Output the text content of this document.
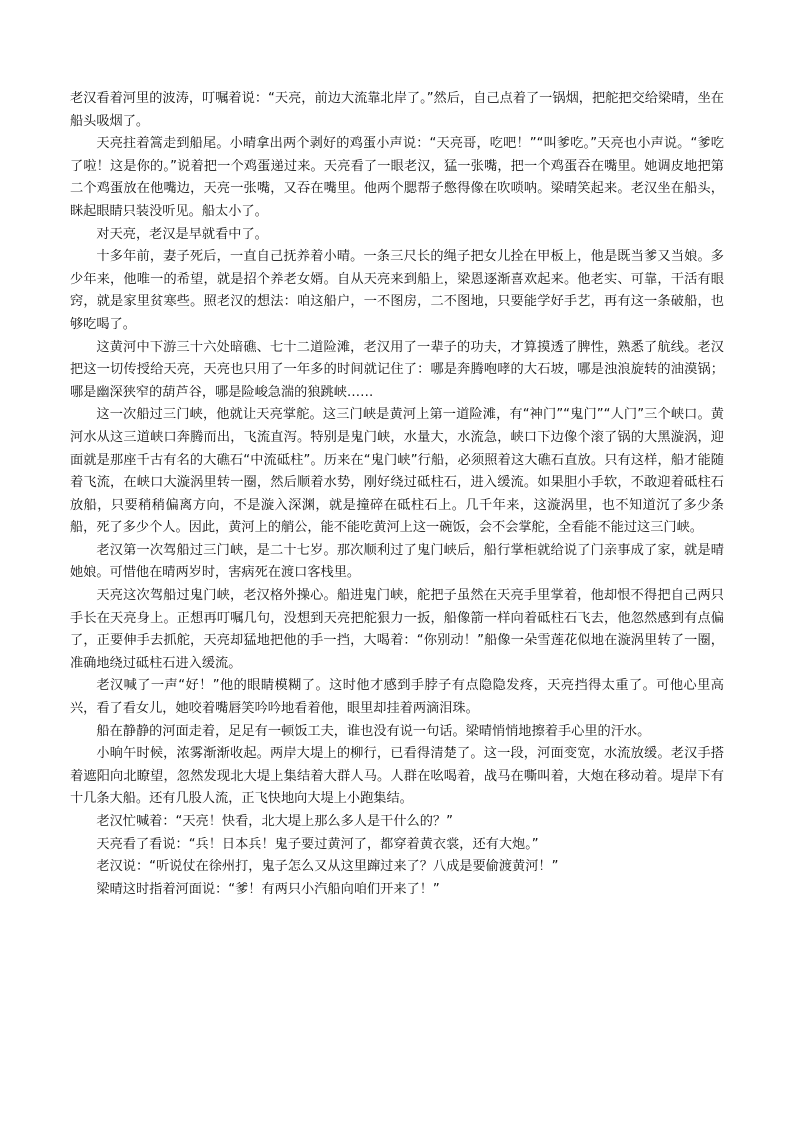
老汉看着河里的波涛，叮嘱着说：“天亮，前边大流靠北岸了。”然后，自己点着了一锅烟，把舵把交给梁晴，坐在船头吸烟了。

天亮拄着篙走到船尾。小晴拿出两个剥好的鸡蛋小声说：“天亮哥，吃吧！”“叫爹吃。”天亮也小声说。“爹吃了啦！这是你的。”说着把一个鸡蛋递过来。天亮看了一眼老汉，猛一张嘴，把一个鸡蛋吞在嘴里。她调皮地把第二个鸡蛋放在他嘴边，天亮一张嘴，又吞在嘴里。他两个腮帮子憋得像在吹唢呐。梁晴笑起来。老汉坐在船头，眯起眼睛只装没听见。船太小了。

对天亮，老汉是早就看中了。

十多年前，妻子死后，一直自己抚养着小晴。一条三尺长的绳子把女儿拴在甲板上，他是既当爹又当娘。多少年来，他唯一的希望，就是招个养老女婿。自从天亮来到船上，梁恩逐渐喜欢起来。他老实、可靠，干活有眼窍，就是家里贫寒些。照老汉的想法：咱这船户，一不图房，二不图地，只要能学好手艺，再有这一条破船，也够吃喝了。

这黄河中下游三十六处暗礁、七十二道险滩，老汉用了一辈子的功夫，才算摸透了脾性，熟悉了航线。老汉把这一切传授给天亮，天亮也只用了一年多的时间就记住了：哪是奔腾咆哮的大石坡，哪是浊浪旋转的油漠锅；哪是幽深狭窄的葫芦谷，哪是险峻急湍的狼跳峡……

这一次船过三门峡，他就让天亮掌舵。这三门峡是黄河上第一道险滩，有“神门”“鬼门”“人门”三个峡口。黄河水从这三道峡口奔腾而出，飞流直泻。特别是鬼门峡，水量大，水流急，峡口下边像个滚了锅的大黑漩涡，迎面就是那座千古有名的大礁石“中流砥柱”。历来在“鬼门峡”行船，必须照着这大礁石直放。只有这样，船才能随着飞流，在峡口大漩涡里转一圈，然后顺着水势，刚好绕过砥柱石，进入缓流。如果胆小手软，不敢迎着砥柱石放船，只要稍稍偏离方向，不是漩入深渊，就是撞碎在砥柱石上。几千年来，这漩涡里，也不知道沉了多少条船，死了多少个人。因此，黄河上的艄公，能不能吃黄河上这一碗饭，会不会掌舵，全看能不能过这三门峡。

老汉第一次驾船过三门峡，是二十七岁。那次顺利过了鬼门峡后，船行掌柜就给说了门亲事成了家，就是晴她娘。可惜他在晴两岁时，害病死在渡口客栈里。

天亮这次驾船过鬼门峡，老汉格外操心。船进鬼门峡，舵把子虽然在天亮手里掌着，他却恨不得把自己两只手长在天亮身上。正想再叮嘱几句，没想到天亮把舵狠力一扳，船像箭一样向着砥柱石飞去，他忽然感到有点偏了，正要伸手去抓舵，天亮却猛地把他的手一挡，大喝着：“你别动！”船像一朵雪莲花似地在漩涡里转了一圈，准确地绕过砥柱石进入缓流。

老汉喊了一声“好！”他的眼睛模糊了。这时他才感到手脖子有点隐隐发疼，天亮挡得太重了。可他心里高兴，看了看女儿，她咬着嘴唇笑吟吟地看着他，眼里却挂着两滴泪珠。

船在静静的河面走着，足足有一顿饭工夫，谁也没有说一句话。梁晴悄悄地擦着手心里的汗水。

小晌午时候，浓雾渐渐收起。两岸大堤上的柳行，已看得清楚了。这一段，河面变宽，水流放缓。老汉手搭着遮阳向北瞭望，忽然发现北大堤上集结着大群人马。人群在吆喝着，战马在嘶叫着，大炮在移动着。堤岸下有十几条大船。还有几股人流，正飞快地向大堤上小跑集结。

老汉忙喊着：“天亮！快看，北大堤上那么多人是干什么的？”

天亮看了看说：“兵！日本兵！鬼子要过黄河了，都穿着黄衣裳，还有大炮。”

老汉说：“听说仗在徐州打，鬼子怎么又从这里蹿过来了？八成是要偷渡黄河！”

梁晴这时指着河面说：“爹！有两只小汽船向咱们开来了！”
